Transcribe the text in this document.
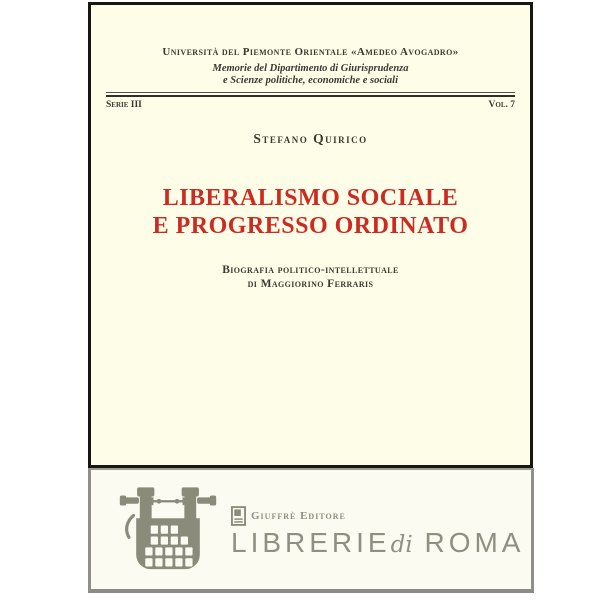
Università del Piemonte Orientale «Amedeo Avogadro»
Memorie del Dipartimento di Giurisprudenza
e Scienze politiche, economiche e sociali
Serie III	Vol. 7
Stefano Quirico
LIBERALISMO SOCIALE
E PROGRESSO ORDINATO
Biografia politico-intellettuale
di Maggiorino Ferraris
Giuffrè Editore
LIBRERIEdi ROMA
